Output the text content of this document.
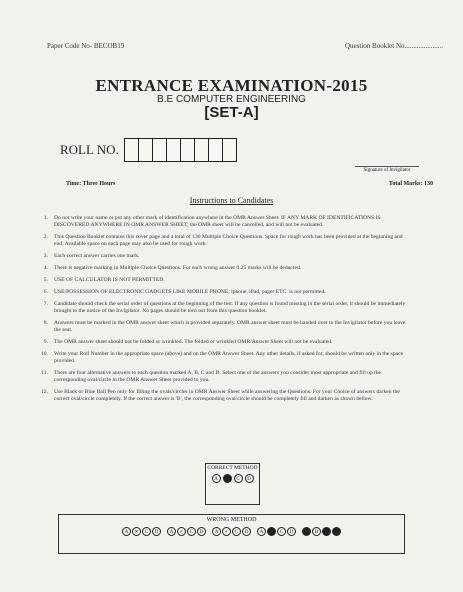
Paper Code No- BECOB19	Question Booklet No......................
ENTRANCE EXAMINATION-2015
B.E COMPUTER ENGINEERING
[SET-A]
ROLL NO.
Signature of Invigilator
Time: Three Hours	Total Marks: 130
Instructions to Candidates
1.	Do not write your name or put any other mark of identification anywhere in the OMR Answer Sheet. IF ANY MARK OF IDENTIFICATIONS IS DISCOVERED ANYWHERE IN OMR ANSWER SHEET, the OMR sheet will be cancelled, and will not be evaluated.
2.	This Question Booklet contains this cover page and a total of 130 Multiple Choice Questions. Space for rough work has been provided at the beginning and end. Available space on each page may also be used for rough work.
3.	Each correct answer carries one mark.
4.	There is negative marking in Multiple Choice Questions. For each wrong answer 0.25 marks will be deducted.
5.	USE OF CALCULATOR IS NOT PERMITTED.
6.	USE/POSSESSION OF ELECTRONIC GADGETS LIKE MOBILE PHONE, iphone, iPad, pager ETC. is not permitted.
7.	Candidate should check the serial order of questions at the beginning of the test. If any question is found missing in the serial order, it should be immediately brought to the notice of the Invigilator. No pages should be torn out from this question booklet.
8.	Answers must be marked in the OMR answer sheet which is provided separately. OMR answer sheet must be handed over to the Invigilator before you leave the seat.
9.	The OMR answer sheet should not be folded or wrinkled. The folded or wrinkled OMR/Answer Sheet will not be evaluated.
10.	Write your Roll Number in the appropriate space (above) and on the OMR Answer Sheet. Any other details, if asked for, should be written only in the space provided.
11.	There are four alternative answers to each question marked A, B, C and D. Select one of the answers you consider most appropriate and fill up the corresponding oval/circle in the OMR Answer Sheet provided to you.
12.	Use Black or Blue Ball Pen only for filling the ovals/circles in OMR Answer Sheet while answering the Questions. For your Choice of answers darken the correct oval/circle completely. If the correct answer is 'B', the corresponding oval/circle should be completely fill and darken as shown bellow.
CORRECT METHOD
A	C	D
WRONG METHOD
A	✕	C	D	A	✓	C	D	A	◐	C	D	A	C	D	B
